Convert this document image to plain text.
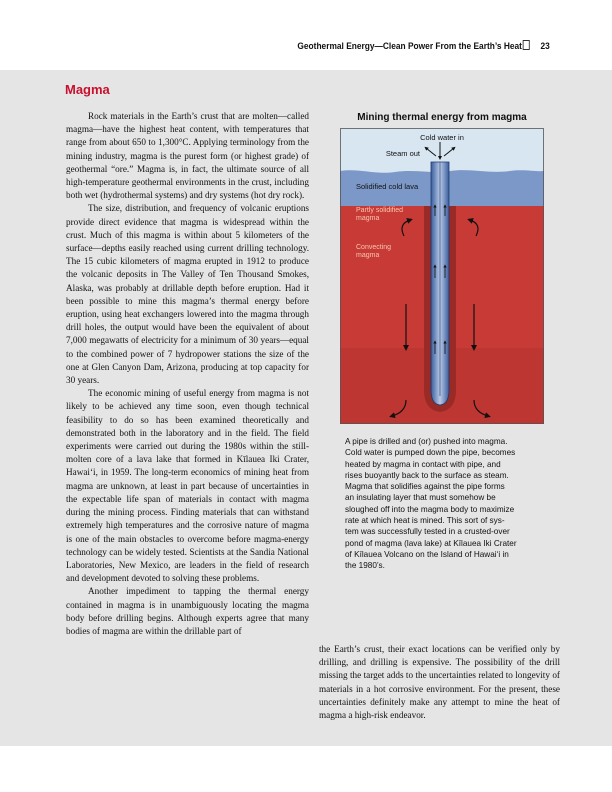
Geothermal Energy—Clean Power From the Earth’s Heat 23
Magma

Rock materials in the Earth’s crust that are molten—called magma—have the highest heat content, with temperatures that range from about 650 to 1,300°C. Applying terminology from the mining industry, magma is the purest form (or highest grade) of geothermal “ore.” Magma is, in fact, the ultimate source of all high-temperature geothermal environments in the crust, including both wet (hydrothermal systems) and dry systems (hot dry rock).

The size, distribution, and frequency of volcanic eruptions provide direct evidence that magma is widespread within the crust. Much of this magma is within about 5 kilometers of the surface—depths easily reached using current drilling technology. The 15 cubic kilometers of magma erupted in 1912 to produce the volcanic deposits in The Valley of Ten Thousand Smokes, Alaska, was probably at drillable depth before eruption. Had it been possible to mine this magma’s thermal energy before eruption, using heat exchangers lowered into the magma through drill holes, the output would have been the equivalent of about 7,000 megawatts of electricity for a minimum of 30 years—equal to the combined power of 7 hydropower stations the size of the one at Glen Canyon Dam, Arizona, producing at top capacity for 30 years.

The economic mining of useful energy from magma is not likely to be achieved any time soon, even though technical feasibility to do so has been examined theoretically and demonstrated both in the laboratory and in the field. The field experiments were carried out during the 1980s within the still-molten core of a lava lake that formed in Kīlauea Iki Crater, Hawai‘i, in 1959. The long-term economics of mining heat from magma are unknown, at least in part because of uncertainties in the expectable life span of materials in contact with magma during the mining process. Finding materials that can withstand extremely high temperatures and the corrosive nature of magma is one of the main obstacles to overcome before magma-energy technology can be widely tested. Scientists at the Sandia National Laboratories, New Mexico, are leaders in the field of research and development devoted to solving these problems.

Another impediment to tapping the thermal energy contained in magma is in unambiguously locating the magma body before drilling begins. Although experts agree that many bodies of magma are within the drillable part of

Mining thermal energy from magma
Cold water in
Steam out
Solidified cold lava
Partly solidified
magma
Convecting
magma

A pipe is drilled and (or) pushed into magma.

Cold water is pumped down the pipe, becomes

heated by magma in contact with pipe, and

rises buoyantly back to the surface as steam.

Magma that solidifies against the pipe forms

an insulating layer that must somehow be

sloughed off into the magma body to maximize

rate at which heat is mined. This sort of sys-

tem was successfully tested in a crusted-over

pond of magma (lava lake) at Kīlauea Iki Crater

of Kīlauea Volcano on the Island of Hawai‘i in

the 1980’s.

the Earth’s crust, their exact locations can be verified only by drilling, and drilling is expensive. The possibility of the drill missing the target adds to the uncertainties related to longevity of materials in a hot corrosive environment. For the present, these uncertainties definitely make any attempt to mine the heat of magma a high-risk endeavor.
